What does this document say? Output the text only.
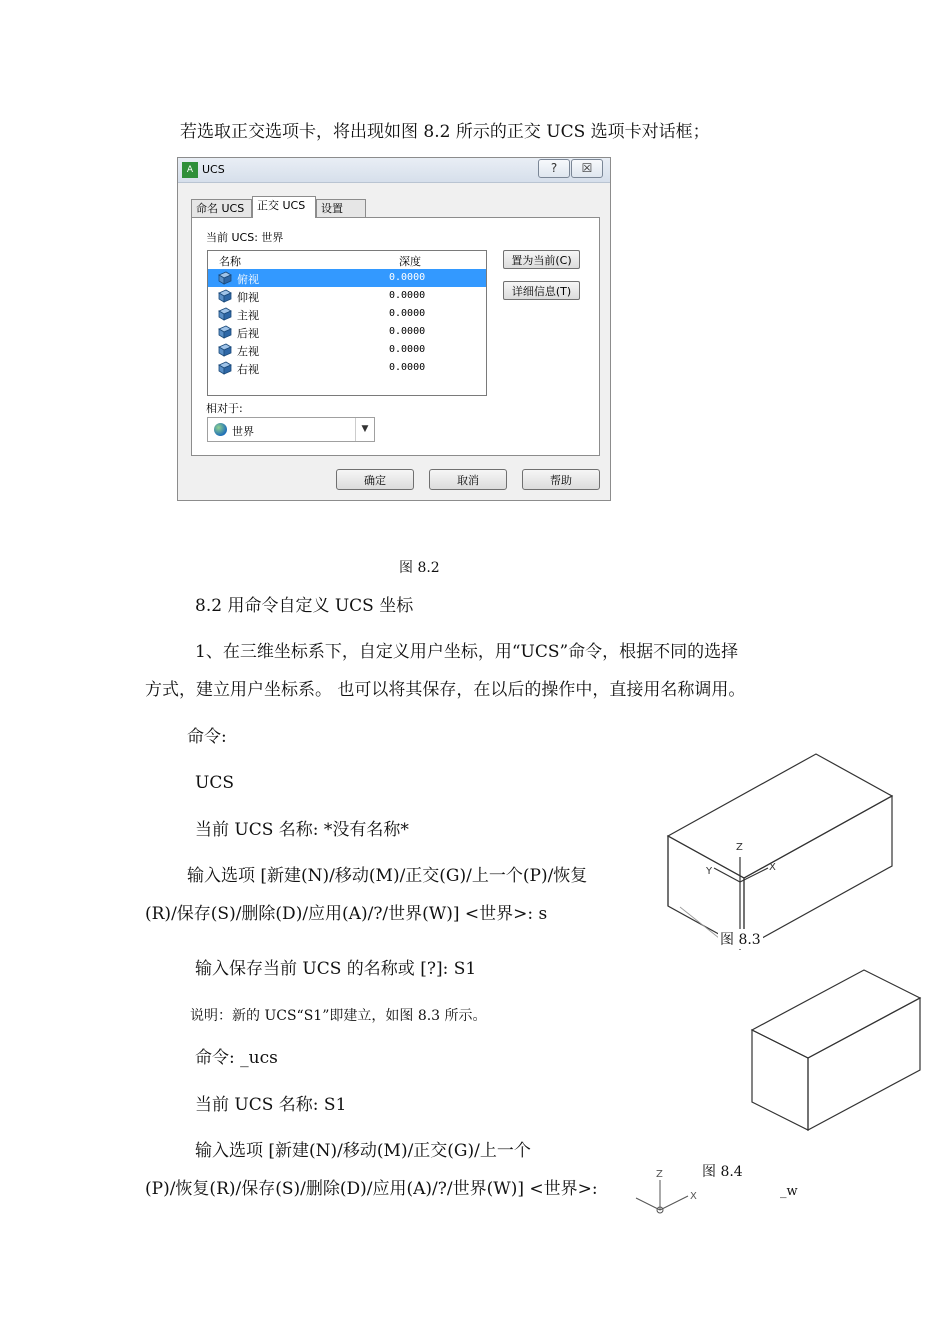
若选取正交选项卡，将出现如图 8.2 所示的正交 UCS 选项卡对话框；
A UCS	?	☒
命名 UCS	正交 UCS	设置
当前 UCS: 世界
名称	深度
俯视	0.0000
仰视	0.0000
主视	0.0000
后视	0.0000
左视	0.0000
右视	0.0000
置为当前(C)
详细信息(T)
相对于:
世界	▼
确定	取消	帮助
图 8.2
8.2 用命令自定义 UCS 坐标
1、在三维坐标系下，自定义用户坐标，用“UCS”命令，根据不同的选择
方式，建立用户坐标系。 也可以将其保存，在以后的操作中，直接用名称调用。
命令:
UCS
当前 UCS 名称: *没有名称*
输入选项 [新建(N)/移动(M)/正交(G)/上一个(P)/恢复
(R)/保存(S)/删除(D)/应用(A)/?/世界(W)] <世界>: s
输入保存当前 UCS 的名称或 [?]: S1
说明：新的 UCS“S1”即建立，如图 8.3 所示。
命令: _ucs
当前 UCS 名称: S1
输入选项 [新建(N)/移动(M)/正交(G)/上一个
(P)/恢复(R)/保存(S)/删除(D)/应用(A)/?/世界(W)] <世界>:	_w
Z
Y	X
图 8.3
图 8.4
Z
X
